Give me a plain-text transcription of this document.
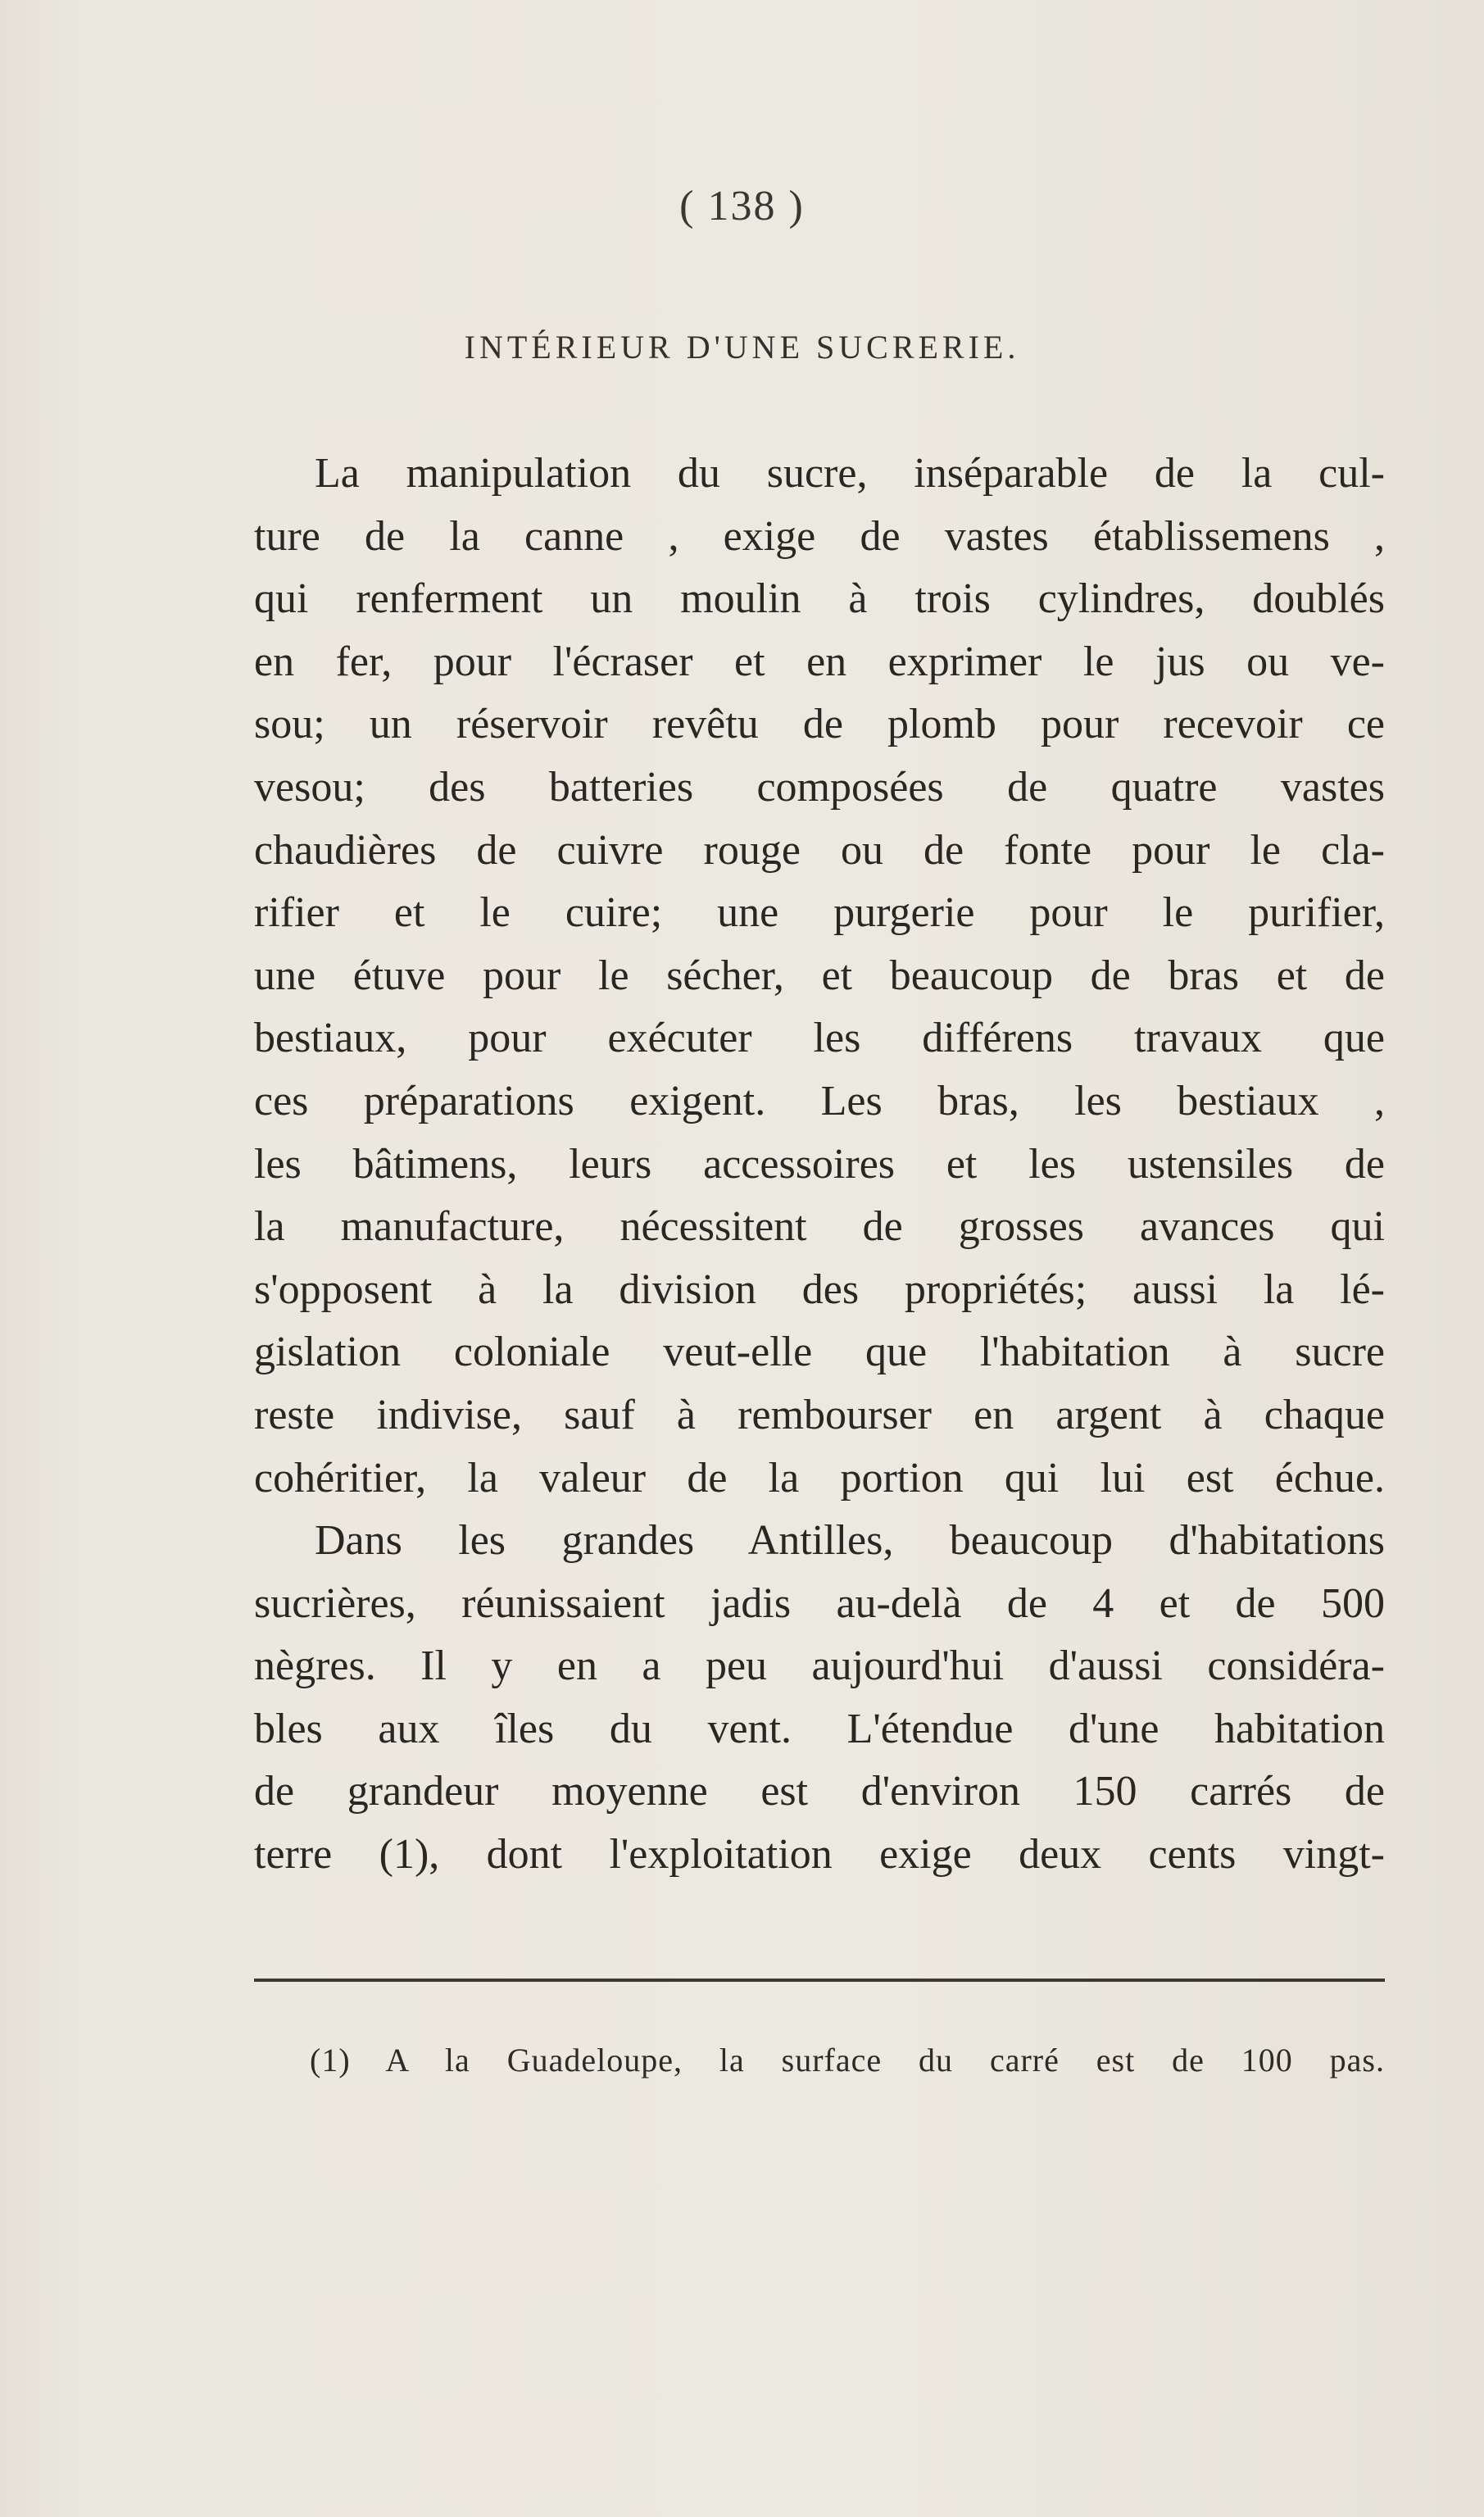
( 138 )
INTÉRIEUR D'UNE SUCRERIE.
La manipulation du sucre, inséparable de la cul-
ture de la canne , exige de vastes établissemens ,
qui renferment un moulin à trois cylindres, doublés
en fer, pour l'écraser et en exprimer le jus ou ve-
sou; un réservoir revêtu de plomb pour recevoir ce
vesou; des batteries composées de quatre vastes
chaudières de cuivre rouge ou de fonte pour le cla-
rifier et le cuire; une purgerie pour le purifier,
une étuve pour le sécher, et beaucoup de bras et de
bestiaux, pour exécuter les différens travaux que
ces préparations exigent. Les bras, les bestiaux ,
les bâtimens, leurs accessoires et les ustensiles de
la manufacture, nécessitent de grosses avances qui
s'opposent à la division des propriétés; aussi la lé-
gislation coloniale veut-elle que l'habitation à sucre
reste indivise, sauf à rembourser en argent à chaque
cohéritier, la valeur de la portion qui lui est échue.
Dans les grandes Antilles, beaucoup d'habitations
sucrières, réunissaient jadis au-delà de 4 et de 500
nègres. Il y en a peu aujourd'hui d'aussi considéra-
bles aux îles du vent. L'étendue d'une habitation
de grandeur moyenne est d'environ 150 carrés de
terre (1), dont l'exploitation exige deux cents vingt-
(1) A la Guadeloupe, la surface du carré est de 100 pas.
